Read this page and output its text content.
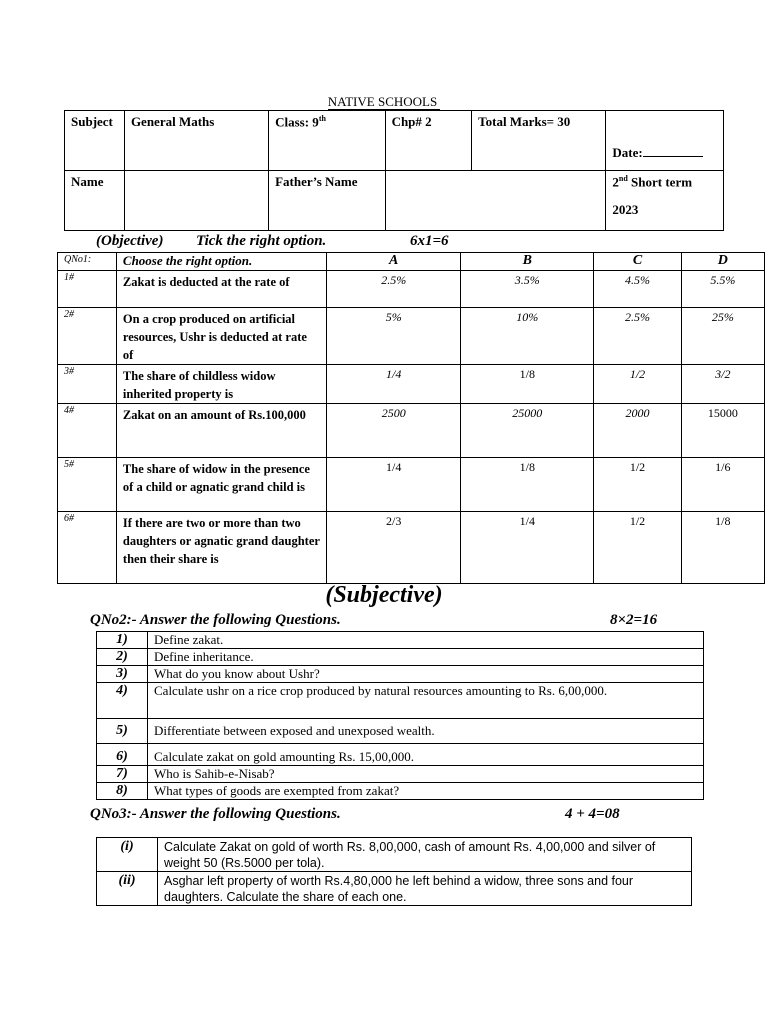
NATIVE SCHOOLS
Subject	General Maths	Class: 9th	Chp# 2	Total Marks= 30	Date:

Name		Father’s Name			2nd Short term
2023
(Objective) Tick the right option.	6x1=6
QNo1:	Choose the right option.	A	B	C	D
1#	Zakat is deducted at the rate of	2.5%	3.5%	4.5%	5.5%
2#	On a crop produced on artificial resources, Ushr is deducted at rate of	5%	10%	2.5%	25%
3#	The share of childless widow inherited property is	1/4	1/8	1/2	3/2
4#	Zakat on an amount of Rs.100,000	2500	25000	2000	15000
5#	The share of widow in the presence of a child or agnatic grand child is	1/4	1/8	1/2	1/6
6#	If there are two or more than two daughters or agnatic grand daughter then their share is	2/3	1/4	1/2	1/8
(Subjective)
QNo2:- Answer the following Questions.	8×2=16
1)	Define zakat.
2)	Define inheritance.
3)	What do you know about Ushr?
4)	Calculate ushr on a rice crop produced by natural resources amounting to Rs. 6,00,000.
5)	Differentiate between exposed and unexposed wealth.
6)	Calculate zakat on gold amounting Rs. 15,00,000.
7)	Who is Sahib-e-Nisab?
8)	What types of goods are exempted from zakat?
QNo3:- Answer the following Questions.	4 + 4=08
(i)	Calculate Zakat on gold of worth Rs. 8,00,000, cash of amount Rs. 4,00,000 and silver of weight 50 (Rs.5000 per tola).
(ii)	Asghar left property of worth Rs.4,80,000 he left behind a widow, three sons and four daughters. Calculate the share of each one.
